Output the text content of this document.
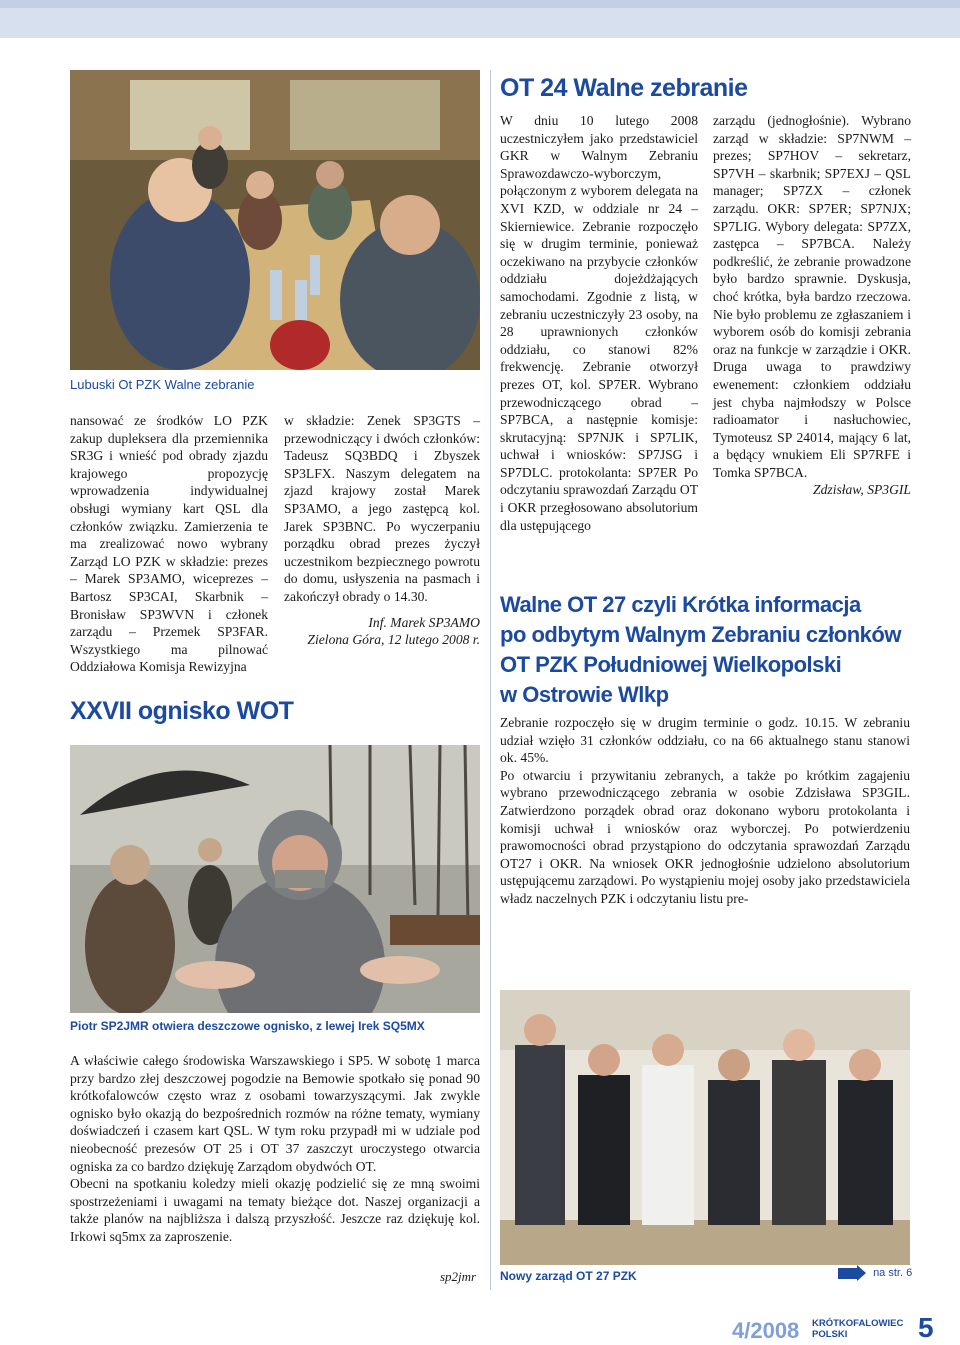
Lubuski Ot PZK Walne zebranie

nansować ze środków LO PZK zakup dupleksera dla przemiennika SR3G i wnieść pod obrady zjazdu krajowego propozycję wprowadzenia indywidualnej obsługi wymiany kart QSL dla członków związku. Zamierzenia te ma zrealizować nowo wybrany Zarząd LO PZK w składzie: prezes – Marek SP3AMO, wiceprezes – Bartosz SP3CAI, Skarbnik – Bronisław SP3WVN i członek zarządu – Przemek SP3FAR. Wszystkiego ma pilnować Oddziałowa Komisja Rewizyjna

w składzie: Zenek SP3GTS – przewodniczący i dwóch członków: Tadeusz SQ3BDQ i Zbyszek SP3LFX. Naszym delegatem na zjazd krajowy został Marek SP3AMO, a jego zastępcą kol. Jarek SP3BNC. Po wyczerpaniu porządku obrad prezes życzył uczestnikom bezpiecznego powrotu do domu, usłyszenia na pasmach i zakończył obrady o 14.30.

Inf. Marek SP3AMO

Zielona Góra, 12 lutego 2008 r.

XXVII ognisko WOT
Piotr SP2JMR otwiera deszczowe ognisko, z lewej Irek SQ5MX

A właściwie całego środowiska Warszawskiego i SP5. W sobotę 1 marca przy bardzo złej deszczowej pogodzie na Bemowie spotkało się ponad 90 krótkofalowców często wraz z osobami towarzyszącymi. Jak zwykle ognisko było okazją do bezpośrednich rozmów na różne tematy, wymiany doświadczeń i czasem kart QSL. W tym roku przypadł mi w udziale pod nieobecność prezesów OT 25 i OT 37 zaszczyt uroczystego otwarcia ogniska za co bardzo dziękuję Zarządom obydwóch OT.

Obecni na spotkaniu koledzy mieli okazję podzielić się ze mną swoimi spostrzeżeniami i uwagami na tematy bieżące dot. Naszej organizacji a także planów na najbliższa i dalszą przyszłość. Jeszcze raz dziękuję kol. Irkowi sq5mx za zaproszenie.

sp2jmr
OT 24 Walne zebranie

W dniu 10 lutego 2008 uczestniczyłem jako przedstawiciel GKR w Walnym Zebraniu Sprawozdawczo-wyborczym, połączonym z wyborem delegata na XVI KZD, w oddziale nr 24 – Skierniewice. Zebranie rozpoczęło się w drugim terminie, ponieważ oczekiwano na przybycie członków oddziału dojeżdżających samochodami. Zgodnie z listą, w zebraniu uczestniczyły 23 osoby, na 28 uprawnionych członków oddziału, co stanowi 82% frekwencję. Zebranie otworzył prezes OT, kol. SP7ER. Wybrano przewodniczącego obrad – SP7BCA, a następnie komisje: skrutacyjną: SP7NJK i SP7LIK, uchwał i wniosków: SP7JSG i SP7DLC. protokolanta: SP7ER Po odczytaniu sprawozdań Zarządu OT i OKR przegłosowano absolutorium dla ustępującego

zarządu (jednogłośnie). Wybrano zarząd w składzie: SP7NWM – prezes; SP7HOV – sekretarz, SP7VH – skarbnik; SP7EXJ – QSL manager; SP7ZX – członek zarządu. OKR: SP7ER; SP7NJX; SP7LIG. Wybory delegata: SP7ZX, zastępca – SP7BCA. Należy podkreślić, że zebranie prowadzone było bardzo sprawnie. Dyskusja, choć krótka, była bardzo rzeczowa. Nie było problemu ze zgłaszaniem i wyborem osób do komisji zebrania oraz na funkcje w zarządzie i OKR. Druga uwaga to prawdziwy ewenement: członkiem oddziału jest chyba najmłodszy w Polsce radioamator i nasłuchowiec, Tymoteusz SP 24014, mający 6 lat, a będący wnukiem Eli SP7RFE i Tomka SP7BCA.

Zdzisław, SP3GIL

Walne OT 27 czyli Krótka informacja
po odbytym Walnym Zebraniu członków
OT PZK Południowej Wielkopolski
w Ostrowie Wlkp

Zebranie rozpoczęło się w drugim terminie o godz. 10.15. W zebraniu udział wzięło 31 członków oddziału, co na 66 aktualnego stanu stanowi ok. 45%.

Po otwarciu i przywitaniu zebranych, a także po krótkim zagajeniu wybrano przewodniczącego zebrania w osobie Zdzisława SP3GIL. Zatwierdzono porządek obrad oraz dokonano wyboru protokolanta i komisji uchwał i wniosków oraz wyborczej. Po potwierdzeniu prawomocności obrad przystąpiono do odczytania sprawozdań Zarządu OT27 i OKR. Na wniosek OKR jednogłośnie udzielono absolutorium ustępującemu zarządowi. Po wystąpieniu mojej osoby jako przedstawiciela władz naczelnych PZK i odczytaniu listu pre-

Nowy zarząd OT 27 PZK	na str. 6
4/2008 KRÓTKOFALOWIEC
POLSKI	5
